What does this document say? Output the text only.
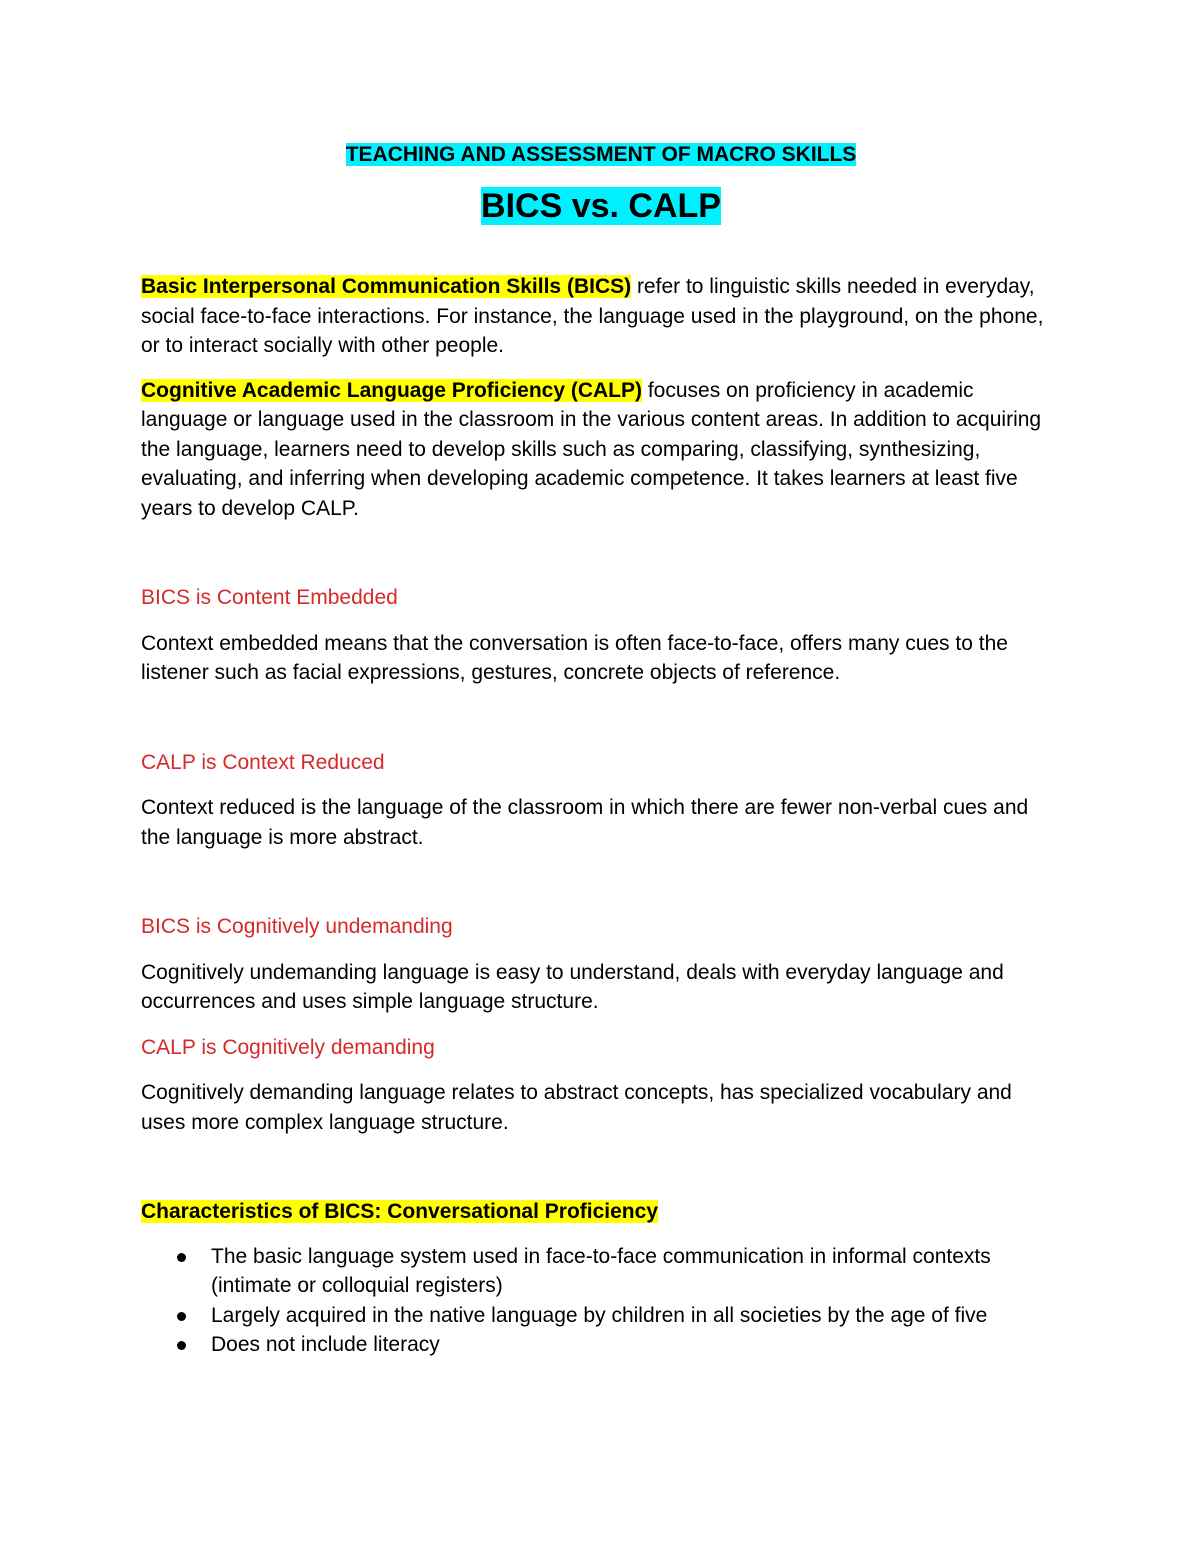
TEACHING AND ASSESSMENT OF MACRO SKILLS
BICS vs. CALP

Basic Interpersonal Communication Skills (BICS) refer to linguistic skills needed in everyday, social face-to-face interactions. For instance, the language used in the playground, on the phone, or to interact socially with other people.

Cognitive Academic Language Proficiency (CALP) focuses on proficiency in academic language or language used in the classroom in the various content areas. In addition to acquiring the language, learners need to develop skills such as comparing, classifying, synthesizing, evaluating, and inferring when developing academic competence. It takes learners at least five years to develop CALP.

BICS is Content Embedded

Context embedded means that the conversation is often face-to-face, offers many cues to the listener such as facial expressions, gestures, concrete objects of reference.

CALP is Context Reduced

Context reduced is the language of the classroom in which there are fewer non-verbal cues and the language is more abstract.

BICS is Cognitively undemanding

Cognitively undemanding language is easy to understand, deals with everyday language and occurrences and uses simple language structure.

CALP is Cognitively demanding

Cognitively demanding language relates to abstract concepts, has specialized vocabulary and uses more complex language structure.

Characteristics of BICS: Conversational Proficiency

The basic language system used in face-to-face communication in informal contexts (intimate or colloquial registers)
Largely acquired in the native language by children in all societies by the age of five
Does not include literacy
